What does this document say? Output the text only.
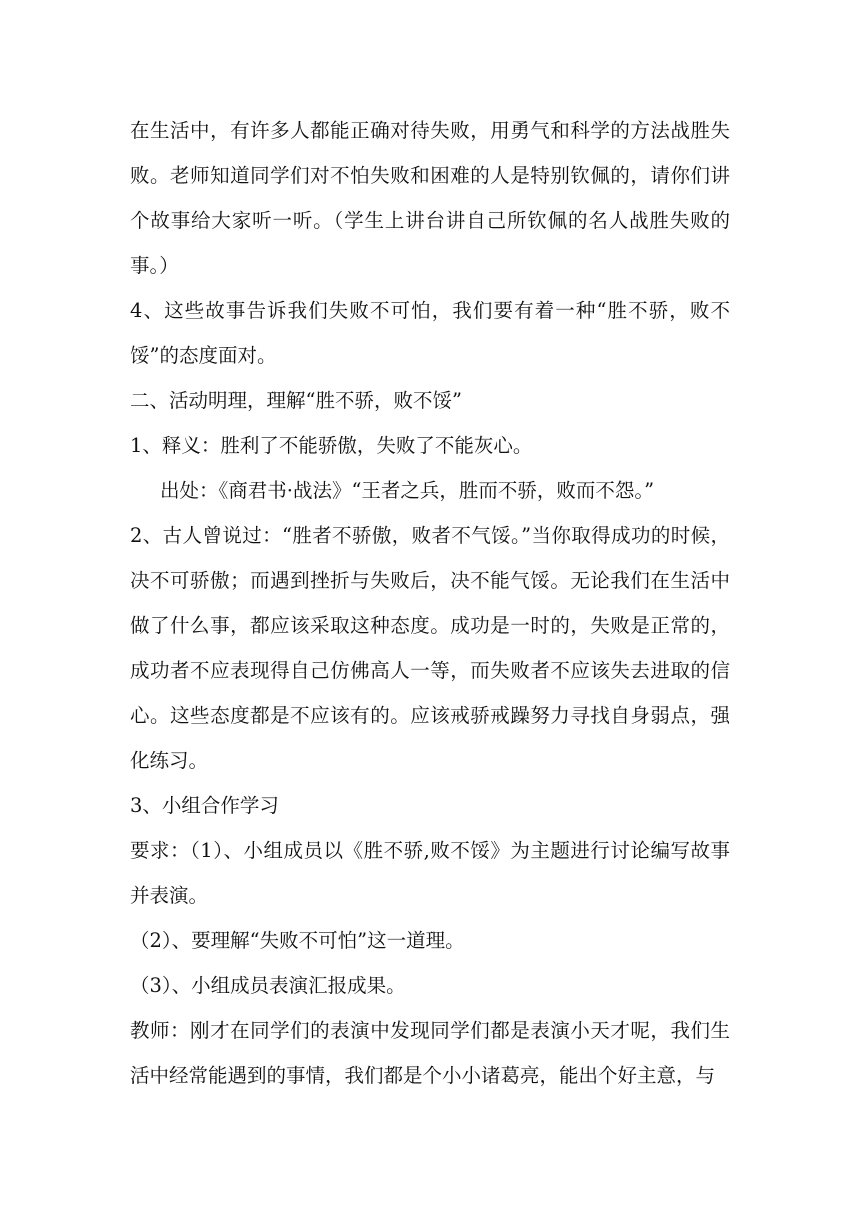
在生活中，有许多人都能正确对待失败，用勇气和科学的方法战胜失败。老师知道同学们对不怕失败和困难的人是特别钦佩的，请你们讲个故事给大家听一听。（学生上讲台讲自己所钦佩的名人战胜失败的事。）

4、这些故事告诉我们失败不可怕，我们要有着一种“胜不骄，败不馁”的态度面对。

二、活动明理，理解“胜不骄，败不馁”

1、释义：胜利了不能骄傲，失败了不能灰心。

出处：《商君书·战法》“王者之兵，胜而不骄，败而不怨。”

2、古人曾说过：“胜者不骄傲，败者不气馁。”当你取得成功的时候，决不可骄傲；而遇到挫折与失败后，决不能气馁。无论我们在生活中做了什么事，都应该采取这种态度。成功是一时的，失败是正常的，成功者不应表现得自己仿佛高人一等，而失败者不应该失去进取的信心。这些态度都是不应该有的。应该戒骄戒躁努力寻找自身弱点，强化练习。

3、小组合作学习

要求：（1）、小组成员以《胜不骄,败不馁》为主题进行讨论编写故事并表演。

（2）、要理解“失败不可怕”这一道理。

（3）、小组成员表演汇报成果。

教师：刚才在同学们的表演中发现同学们都是表演小天才呢，我们生活中经常能遇到的事情，我们都是个小小诸葛亮，能出个好主意，与
